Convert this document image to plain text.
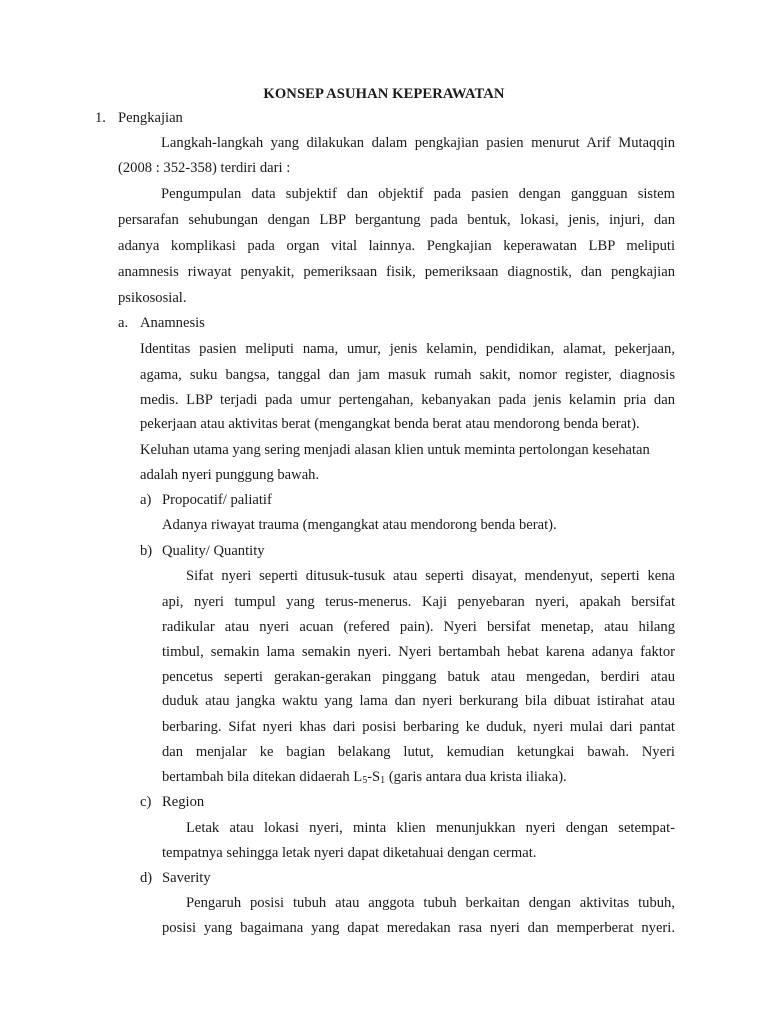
KONSEP ASUHAN KEPERAWATAN
1. Pengkajian
Langkah-langkah yang dilakukan dalam pengkajian pasien menurut Arif Mutaqqin
(2008 : 352-358) terdiri dari :
Pengumpulan data subjektif dan objektif pada pasien dengan gangguan sistem
persarafan sehubungan dengan LBP bergantung pada bentuk, lokasi, jenis, injuri, dan
adanya komplikasi pada organ vital lainnya. Pengkajian keperawatan LBP meliputi
anamnesis riwayat penyakit, pemeriksaan fisik, pemeriksaan diagnostik, dan pengkajian
psikososial.
a. Anamnesis
Identitas pasien meliputi nama, umur, jenis kelamin, pendidikan, alamat, pekerjaan,
agama, suku bangsa, tanggal dan jam masuk rumah sakit, nomor register, diagnosis
medis. LBP terjadi pada umur pertengahan, kebanyakan pada jenis kelamin pria dan
pekerjaan atau aktivitas berat (mengangkat benda berat atau mendorong benda berat).
Keluhan utama yang sering menjadi alasan klien untuk meminta pertolongan kesehatan
adalah nyeri punggung bawah.
a) Propocatif/ paliatif
Adanya riwayat trauma (mengangkat atau mendorong benda berat).
b) Quality/ Quantity
Sifat nyeri seperti ditusuk-tusuk atau seperti disayat, mendenyut, seperti kena
api, nyeri tumpul yang terus-menerus. Kaji penyebaran nyeri, apakah bersifat
radikular atau nyeri acuan (refered pain). Nyeri bersifat menetap, atau hilang
timbul, semakin lama semakin nyeri. Nyeri bertambah hebat karena adanya faktor
pencetus seperti gerakan-gerakan pinggang batuk atau mengedan, berdiri atau
duduk atau jangka waktu yang lama dan nyeri berkurang bila dibuat istirahat atau
berbaring. Sifat nyeri khas dari posisi berbaring ke duduk, nyeri mulai dari pantat
dan menjalar ke bagian belakang lutut, kemudian ketungkai bawah. Nyeri
bertambah bila ditekan didaerah $L_5-S_1$ (garis antara dua krista iliaka).
c) Region
Letak atau lokasi nyeri, minta klien menunjukkan nyeri dengan setempat-
tempatnya sehingga letak nyeri dapat diketahuai dengan cermat.
d) Saverity
Pengaruh posisi tubuh atau anggota tubuh berkaitan dengan aktivitas tubuh,
posisi yang bagaimana yang dapat meredakan rasa nyeri dan memperberat nyeri.
